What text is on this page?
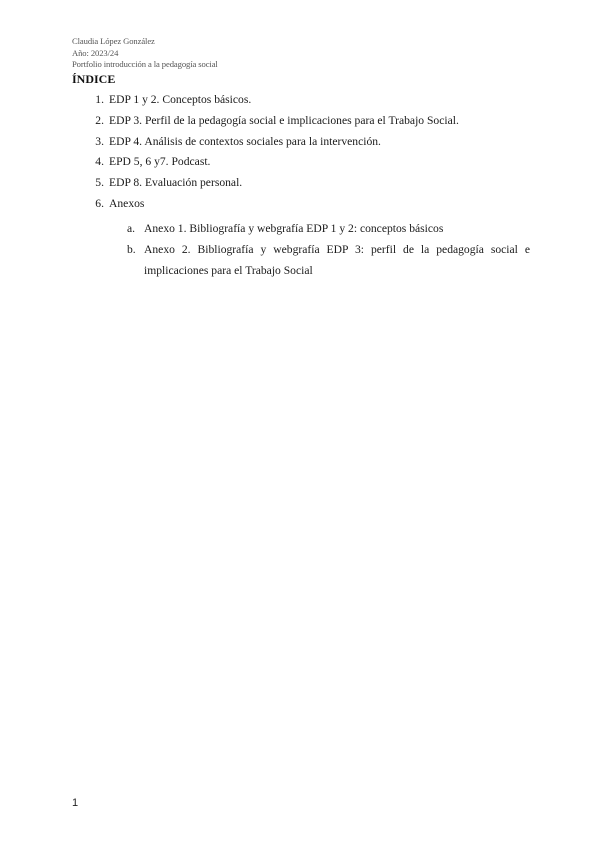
Claudia López González
Año: 2023/24
Portfolio introducción a la pedagogía social
ÍNDICE
1. EDP 1 y 2. Conceptos básicos.
2. EDP 3. Perfil de la pedagogía social e implicaciones para el Trabajo Social.
3. EDP 4. Análisis de contextos sociales para la intervención.
4. EPD 5, 6 y7. Podcast.
5. EDP 8. Evaluación personal.
6. Anexos
a. Anexo 1. Bibliografía y webgrafía EDP 1 y 2: conceptos básicos
b. Anexo 2. Bibliografía y webgrafía EDP 3: perfil de la pedagogía social e implicaciones para el Trabajo Social
1
